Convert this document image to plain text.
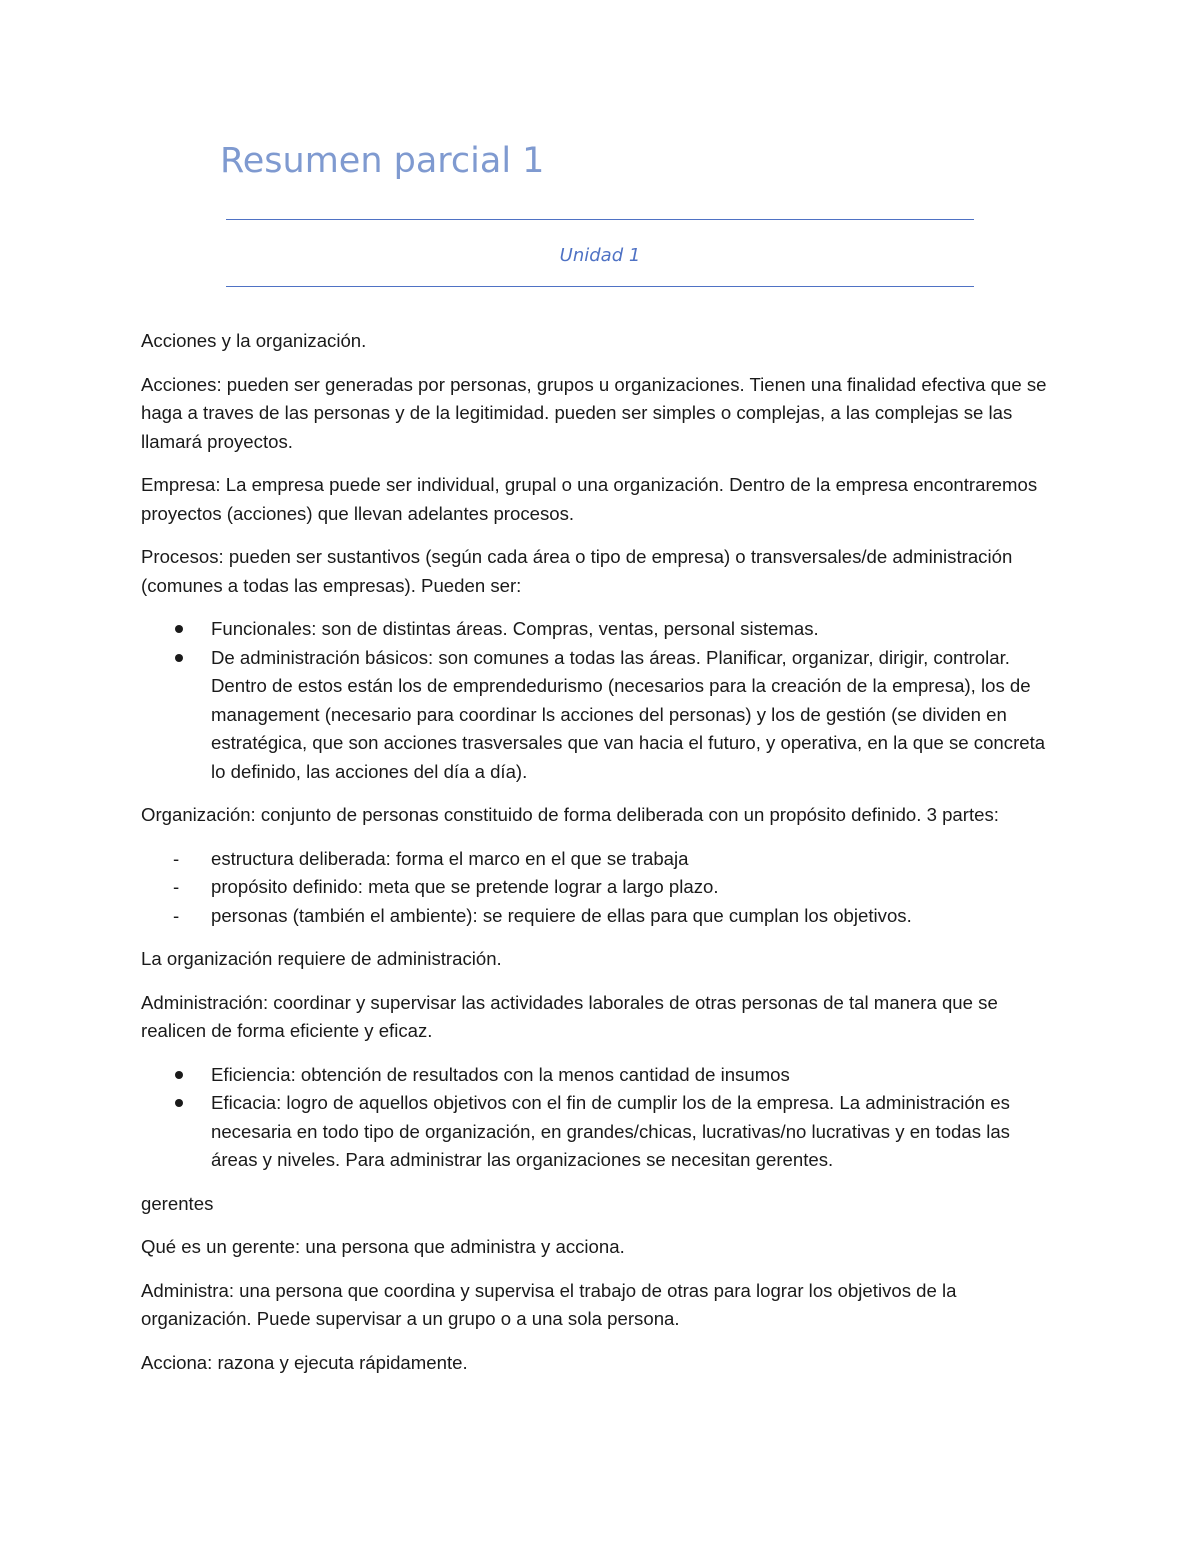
Resumen parcial 1
Unidad 1

Acciones y la organización.

Acciones: pueden ser generadas por personas, grupos u organizaciones. Tienen una finalidad efectiva que se haga a traves de las personas y de la legitimidad. pueden ser simples o complejas, a las complejas se las llamará proyectos.

Empresa: La empresa puede ser individual, grupal o una organización. Dentro de la empresa encontraremos proyectos (acciones) que llevan adelantes procesos.

Procesos: pueden ser sustantivos (según cada área o tipo de empresa) o transversales/de administración (comunes a todas las empresas). Pueden ser:

Funcionales: son de distintas áreas. Compras, ventas, personal sistemas.
De administración básicos: son comunes a todas las áreas. Planificar, organizar, dirigir, controlar. Dentro de estos están los de emprendedurismo (necesarios para la creación de la empresa), los de management (necesario para coordinar ls acciones del personas) y los de gestión (se dividen en estratégica, que son acciones trasversales que van hacia el futuro, y operativa, en la que se concreta lo definido, las acciones del día a día).

Organización: conjunto de personas constituido de forma deliberada con un propósito definido. 3 partes:

-	estructura deliberada: forma el marco en el que se trabaja
-	propósito definido: meta que se pretende lograr a largo plazo.
-	personas (también el ambiente): se requiere de ellas para que cumplan los objetivos.

La organización requiere de administración.

Administración: coordinar y supervisar las actividades laborales de otras personas de tal manera que se realicen de forma eficiente y eficaz.

Eficiencia: obtención de resultados con la menos cantidad de insumos
Eficacia: logro de aquellos objetivos con el fin de cumplir los de la empresa. La administración es necesaria en todo tipo de organización, en grandes/chicas, lucrativas/no lucrativas y en todas las áreas y niveles. Para administrar las organizaciones se necesitan gerentes.

gerentes

Qué es un gerente: una persona que administra y acciona.

Administra: una persona que coordina y supervisa el trabajo de otras para lograr los objetivos de la organización. Puede supervisar a un grupo o a una sola persona.

Acciona: razona y ejecuta rápidamente.
